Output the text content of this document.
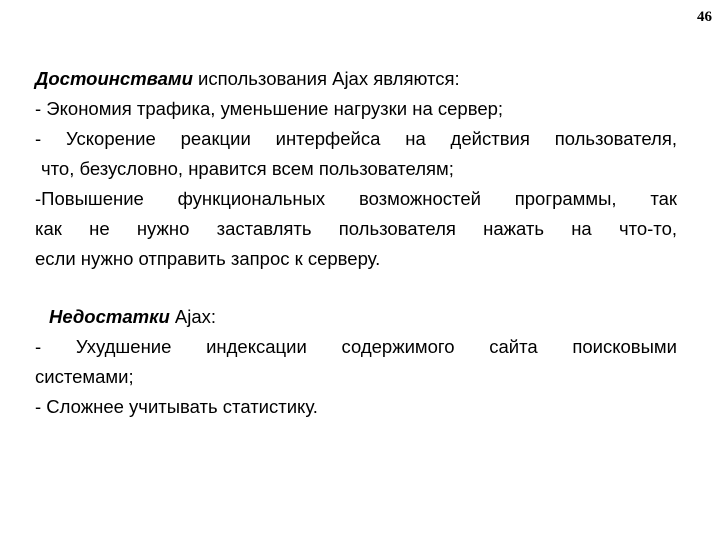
46
Достоинствами использования Ajax являются:
- Экономия трафика, уменьшение нагрузки на сервер;
- Ускорение реакции интерфейса на действия пользователя,
что, безусловно, нравится всем пользователям;
-Повышение функциональных возможностей программы, так
как не нужно заставлять пользователя нажать на что-то,
если нужно отправить запрос к серверу.
Недостатки Ajax:
- Ухудшение индексации содержимого сайта поисковыми
системами;
- Сложнее учитывать статистику.
